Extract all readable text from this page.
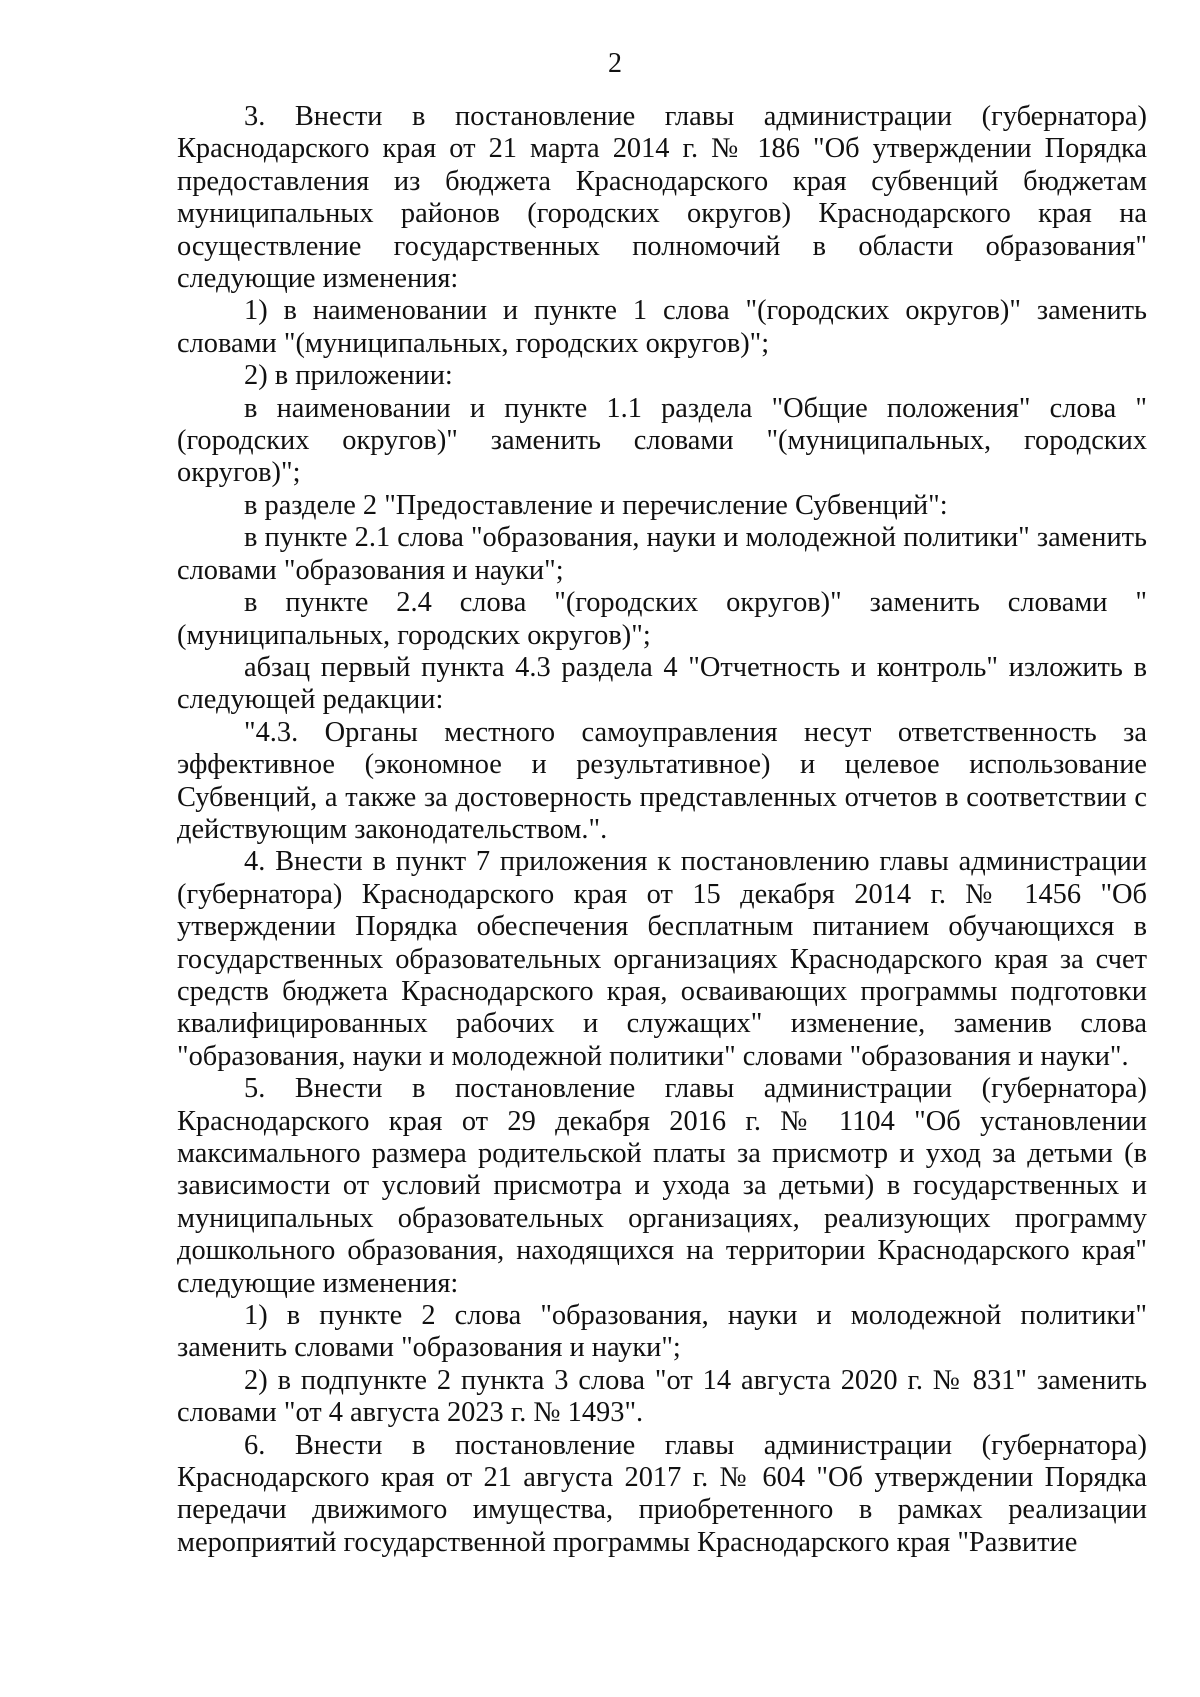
2

3. Внести в постановление главы администрации (губернатора) Краснодарского края от 21 марта 2014 г. № 186 "Об утверждении Порядка предоставления из бюджета Краснодарского края субвенций бюджетам муниципальных районов (городских округов) Краснодарского края на осуществление государственных полномочий в области образования" следующие изменения:

1) в наименовании и пункте 1 слова "(городских округов)" заменить словами "(муниципальных, городских округов)";

2) в приложении:

в наименовании и пункте 1.1 раздела "Общие положения" слова "(городских округов)" заменить словами "(муниципальных, городских округов)";

в разделе 2 "Предоставление и перечисление Субвенций":

в пункте 2.1 слова "образования, науки и молодежной политики" заменить словами "образования и науки";

в пункте 2.4 слова "(городских округов)" заменить словами "(муниципальных, городских округов)";

абзац первый пункта 4.3 раздела 4 "Отчетность и контроль" изложить в следующей редакции:

"4.3. Органы местного самоуправления несут ответственность за эффективное (экономное и результативное) и целевое использование Субвенций, а также за достоверность представленных отчетов в соответствии с действующим законодательством.".

4. Внести в пункт 7 приложения к постановлению главы администрации (губернатора) Краснодарского края от 15 декабря 2014 г. № 1456 "Об утверждении Порядка обеспечения бесплатным питанием обучающихся в государственных образовательных организациях Краснодарского края за счет средств бюджета Краснодарского края, осваивающих программы подготовки квалифицированных рабочих и служащих" изменение, заменив слова "образования, науки и молодежной политики" словами "образования и науки".

5. Внести в постановление главы администрации (губернатора) Краснодарского края от 29 декабря 2016 г. № 1104 "Об установлении максимального размера родительской платы за присмотр и уход за детьми (в зависимости от условий присмотра и ухода за детьми) в государственных и муниципальных образовательных организациях, реализующих программу дошкольного образования, находящихся на территории Краснодарского края" следующие изменения:

1) в пункте 2 слова "образования, науки и молодежной политики" заменить словами "образования и науки";

2) в подпункте 2 пункта 3 слова "от 14 августа 2020 г. № 831" заменить словами "от 4 августа 2023 г. № 1493".

6. Внести в постановление главы администрации (губернатора) Краснодарского края от 21 августа 2017 г. № 604 "Об утверждении Порядка передачи движимого имущества, приобретенного в рамках реализации мероприятий государственной программы Краснодарского края "Развитие
